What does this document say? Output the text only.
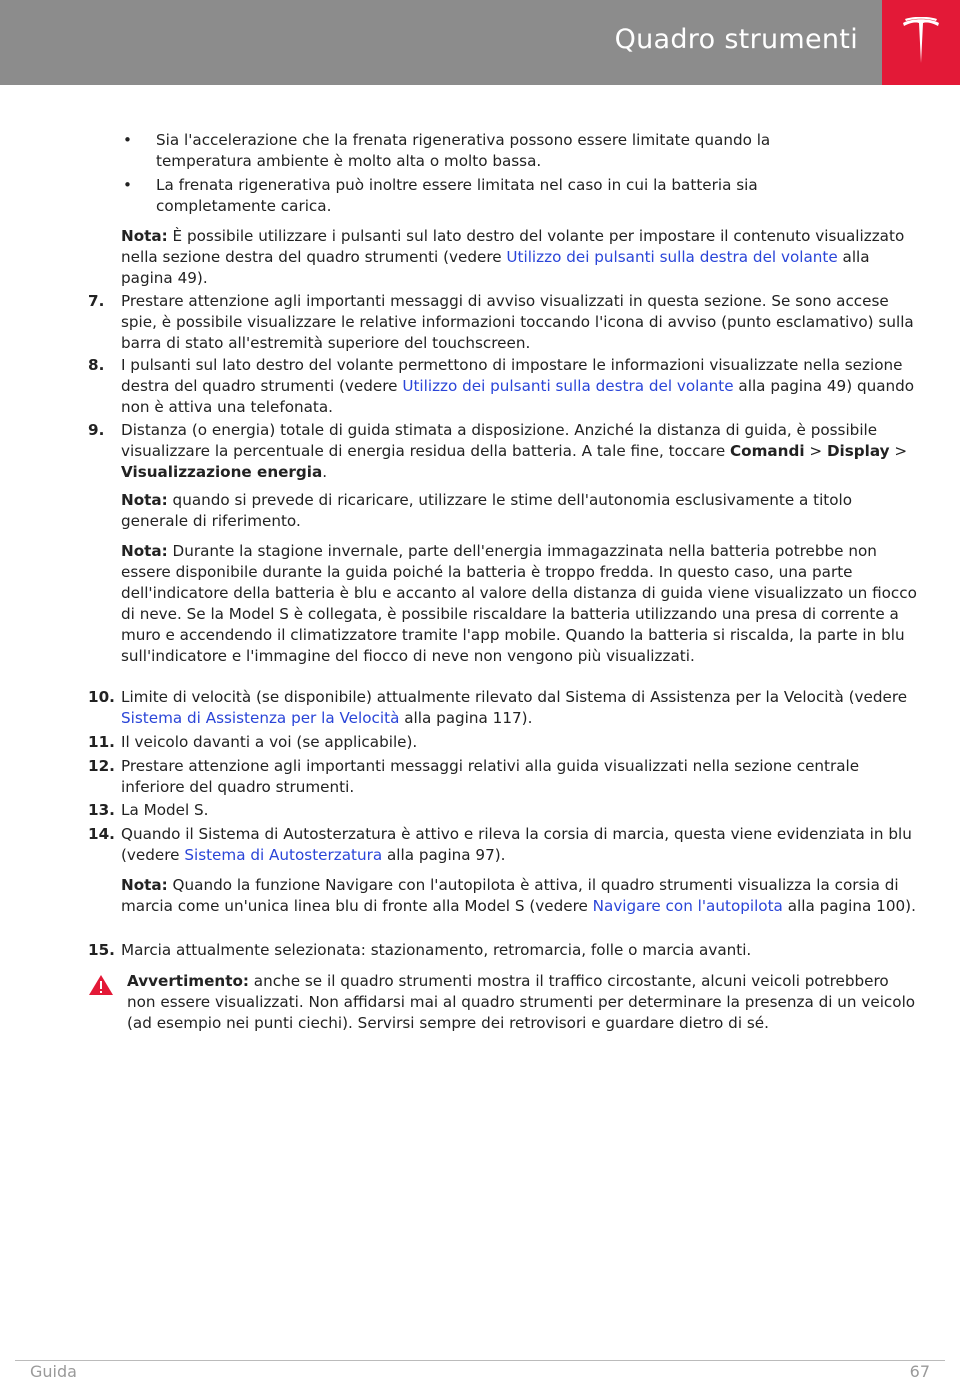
Quadro strumenti
• Sia l'accelerazione che la frenata rigenerativa possono essere limitate quando la temperatura ambiente è molto alta o molto bassa.
• La frenata rigenerativa può inoltre essere limitata nel caso in cui la batteria sia completamente carica.
Nota: È possibile utilizzare i pulsanti sul lato destro del volante per impostare il contenuto visualizzato nella sezione destra del quadro strumenti (vedere Utilizzo dei pulsanti sulla destra del volante alla pagina 49).
7. Prestare attenzione agli importanti messaggi di avviso visualizzati in questa sezione. Se sono accese spie, è possibile visualizzare le relative informazioni toccando l'icona di avviso (punto esclamativo) sulla barra di stato all'estremità superiore del touchscreen.
8. I pulsanti sul lato destro del volante permettono di impostare le informazioni visualizzate nella sezione destra del quadro strumenti (vedere Utilizzo dei pulsanti sulla destra del volante alla pagina 49) quando non è attiva una telefonata.
9. Distanza (o energia) totale di guida stimata a disposizione. Anziché la distanza di guida, è possibile visualizzare la percentuale di energia residua della batteria. A tale fine, toccare Comandi > Display > Visualizzazione energia.
Nota: quando si prevede di ricaricare, utilizzare le stime dell'autonomia esclusivamente a titolo generale di riferimento.
Nota: Durante la stagione invernale, parte dell'energia immagazzinata nella batteria potrebbe non essere disponibile durante la guida poiché la batteria è troppo fredda. In questo caso, una parte dell'indicatore della batteria è blu e accanto al valore della distanza di guida viene visualizzato un fiocco di neve. Se la Model S è collegata, è possibile riscaldare la batteria utilizzando una presa di corrente a muro e accendendo il climatizzatore tramite l'app mobile. Quando la batteria si riscalda, la parte in blu sull'indicatore e l'immagine del fiocco di neve non vengono più visualizzati.
10. Limite di velocità (se disponibile) attualmente rilevato dal Sistema di Assistenza per la Velocità (vedere Sistema di Assistenza per la Velocità alla pagina 117).
11. Il veicolo davanti a voi (se applicabile).
12. Prestare attenzione agli importanti messaggi relativi alla guida visualizzati nella sezione centrale inferiore del quadro strumenti.
13. La Model S.
14. Quando il Sistema di Autosterzatura è attivo e rileva la corsia di marcia, questa viene evidenziata in blu (vedere Sistema di Autosterzatura alla pagina 97).
Nota: Quando la funzione Navigare con l'autopilota è attiva, il quadro strumenti visualizza la corsia di marcia come un'unica linea blu di fronte alla Model S (vedere Navigare con l'autopilota alla pagina 100).
15. Marcia attualmente selezionata: stazionamento, retromarcia, folle o marcia avanti.
Avvertimento: anche se il quadro strumenti mostra il traffico circostante, alcuni veicoli potrebbero non essere visualizzati. Non affidarsi mai al quadro strumenti per determinare la presenza di un veicolo (ad esempio nei punti ciechi). Servirsi sempre dei retrovisori e guardare dietro di sé.
Guida	67
